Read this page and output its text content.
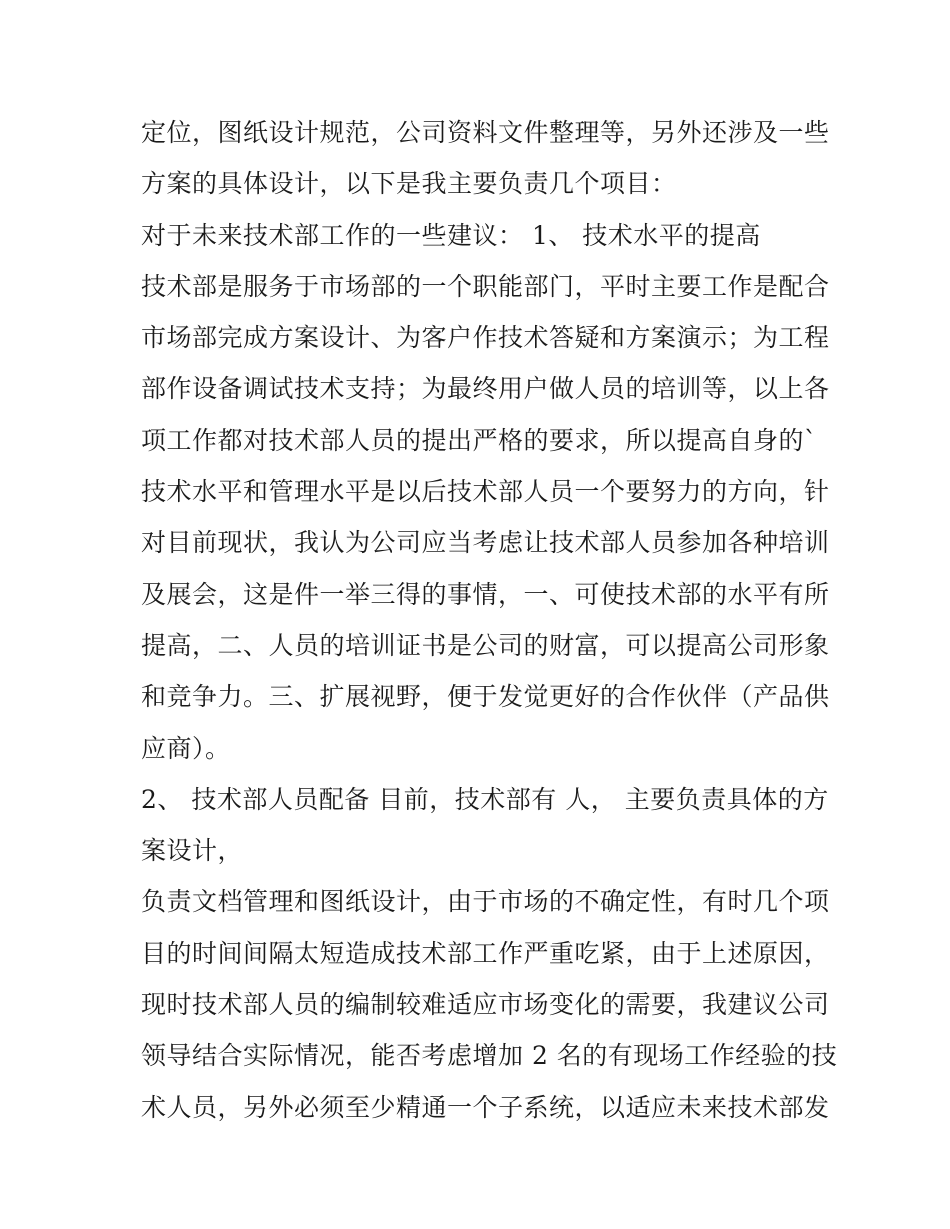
定位，图纸设计规范，公司资料文件整理等，另外还涉及一些
方案的具体设计，以下是我主要负责几个项目：
对于未来技术部工作的一些建议： 1、 技术水平的提高
技术部是服务于市场部的一个职能部门，平时主要工作是配合
市场部完成方案设计、为客户作技术答疑和方案演示；为工程
部作设备调试技术支持；为最终用户做人员的培训等，以上各
项工作都对技术部人员的提出严格的要求，所以提高自身的`
技术水平和管理水平是以后技术部人员一个要努力的方向，针
对目前现状，我认为公司应当考虑让技术部人员参加各种培训
及展会，这是件一举三得的事情，一、可使技术部的水平有所
提高，二、人员的培训证书是公司的财富，可以提高公司形象
和竞争力。三、扩展视野，便于发觉更好的合作伙伴（产品供
应商）。
2、 技术部人员配备 目前，技术部有 人， 主要负责具体的方
案设计，
负责文档管理和图纸设计，由于市场的不确定性，有时几个项
目的时间间隔太短造成技术部工作严重吃紧，由于上述原因，
现时技术部人员的编制较难适应市场变化的需要，我建议公司
领导结合实际情况，能否考虑增加 2 名的有现场工作经验的技
术人员，另外必须至少精通一个子系统，以适应未来技术部发
